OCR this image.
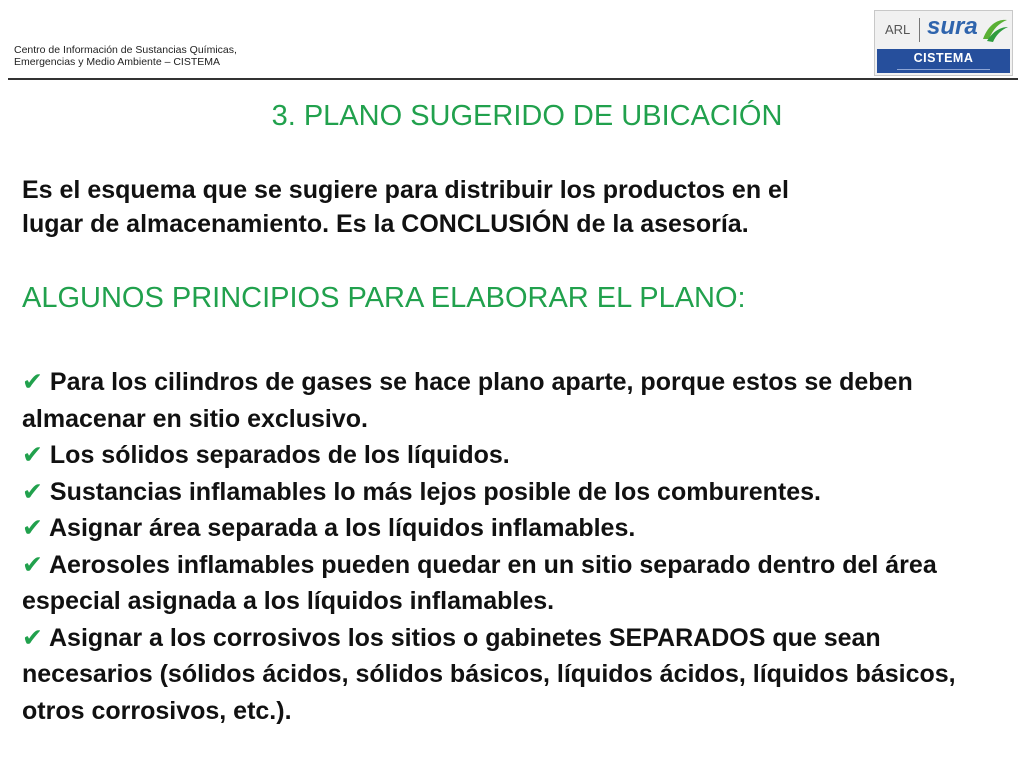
Centro de Información de Sustancias Químicas,
Emergencias y Medio Ambiente – CISTEMA
ARL sura
CISTEMA
3. PLANO SUGERIDO DE UBICACIÓN
Es el esquema que se sugiere para distribuir los productos en el
lugar de almacenamiento. Es la CONCLUSIÓN de la asesoría.
ALGUNOS PRINCIPIOS PARA ELABORAR EL PLANO:
✔ Para los cilindros de gases se hace plano aparte, porque estos se deben almacenar en sitio exclusivo.
✔ Los sólidos separados de los líquidos.
✔ Sustancias inflamables lo más lejos posible de los comburentes.
✔ Asignar área separada a los líquidos inflamables.
✔ Aerosoles inflamables pueden quedar en un sitio separado dentro del área especial asignada a los líquidos inflamables.
✔ Asignar a los corrosivos los sitios o gabinetes SEPARADOS que sean necesarios (sólidos ácidos, sólidos básicos, líquidos ácidos, líquidos básicos, otros corrosivos, etc.).
